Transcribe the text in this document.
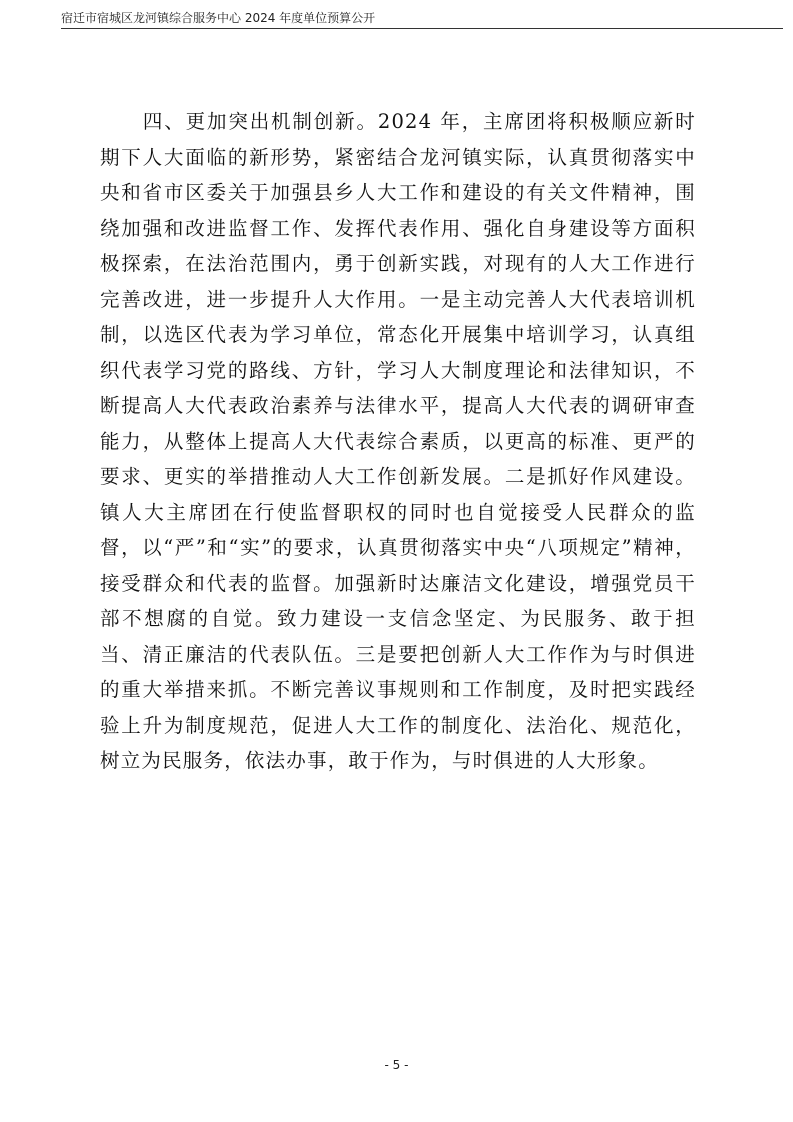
宿迁市宿城区龙河镇综合服务中心 2024 年度单位预算公开

四、更加突出机制创新。2024 年，主席团将积极顺应新时期下人大面临的新形势，紧密结合龙河镇实际，认真贯彻落实中央和省市区委关于加强县乡人大工作和建设的有关文件精神，围绕加强和改进监督工作、发挥代表作用、强化自身建设等方面积极探索，在法治范围内，勇于创新实践，对现有的人大工作进行完善改进，进一步提升人大作用。一是主动完善人大代表培训机制，以选区代表为学习单位，常态化开展集中培训学习，认真组织代表学习党的路线、方针，学习人大制度理论和法律知识，不断提高人大代表政治素养与法律水平，提高人大代表的调研审查能力，从整体上提高人大代表综合素质，以更高的标准、更严的要求、更实的举措推动人大工作创新发展。二是抓好作风建设。镇人大主席团在行使监督职权的同时也自觉接受人民群众的监督，以“严”和“实”的要求，认真贯彻落实中央“八项规定”精神，接受群众和代表的监督。加强新时达廉洁文化建设，增强党员干部不想腐的自觉。致力建设一支信念坚定、为民服务、敢于担当、清正廉洁的代表队伍。三是要把创新人大工作作为与时俱进的重大举措来抓。不断完善议事规则和工作制度，及时把实践经验上升为制度规范，促进人大工作的制度化、法治化、规范化，树立为民服务，依法办事，敢于作为，与时俱进的人大形象。

- 5 -
